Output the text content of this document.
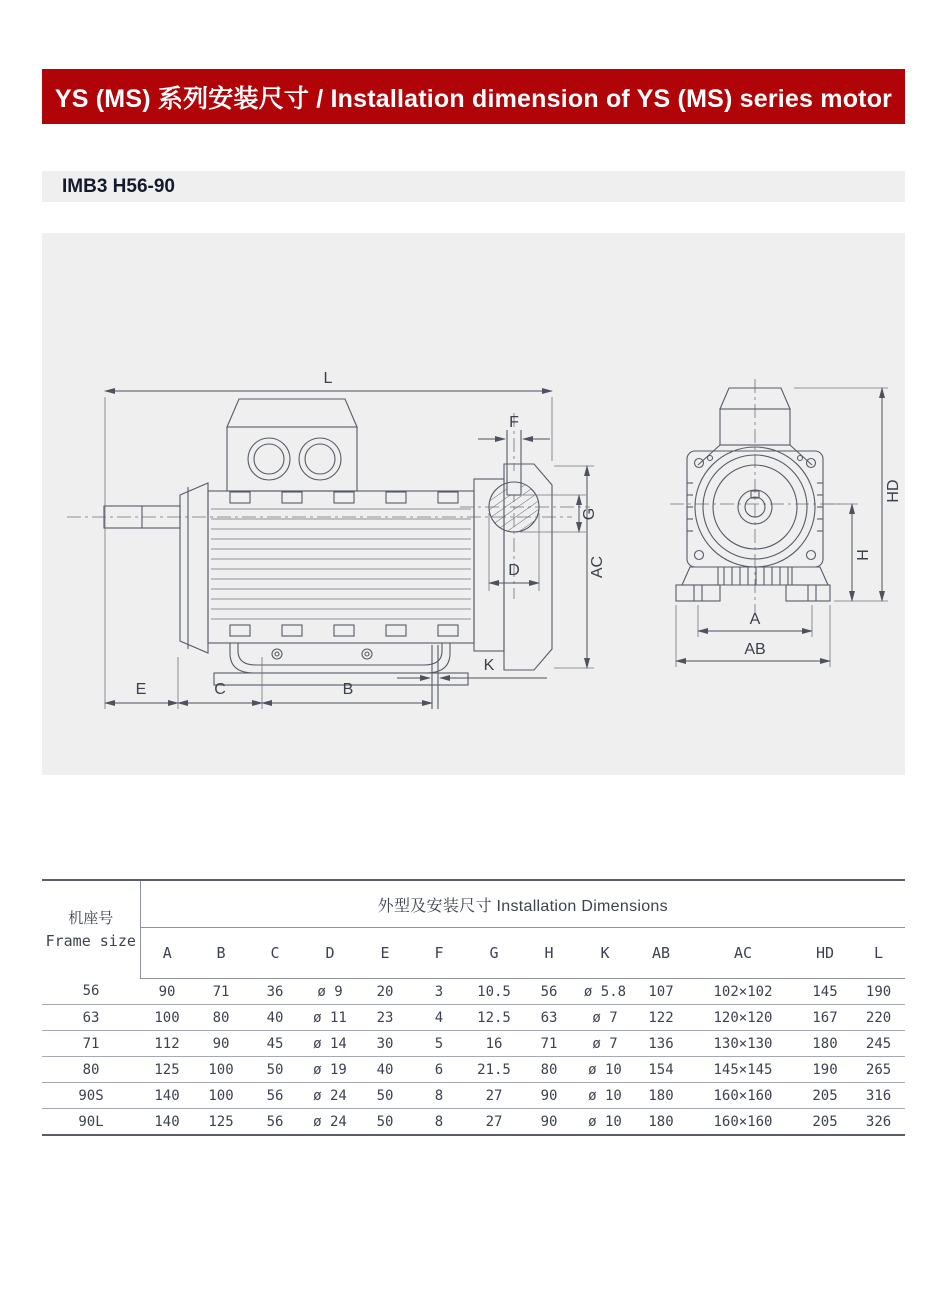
YS (MS) 系列安装尺寸 / Installation dimension of YS (MS) series motor
IMB3 H56-90
L
AC
E	C	B
K
F
G
D
HD
H
A
AB
机座号
Frame size	外型及安装尺寸 Installation Dimensions												
	A	B	C	D	E	F	G	H	K	AB	AC	HD	L
56	90	71	36	ø 9	20	3	10.5	56	ø 5.8	107	102×102	145	190
63	100	80	40	ø 11	23	4	12.5	63	ø 7	122	120×120	167	220
71	112	90	45	ø 14	30	5	16	71	ø 7	136	130×130	180	245
80	125	100	50	ø 19	40	6	21.5	80	ø 10	154	145×145	190	265
90S	140	100	56	ø 24	50	8	27	90	ø 10	180	160×160	205	316
90L	140	125	56	ø 24	50	8	27	90	ø 10	180	160×160	205	326
